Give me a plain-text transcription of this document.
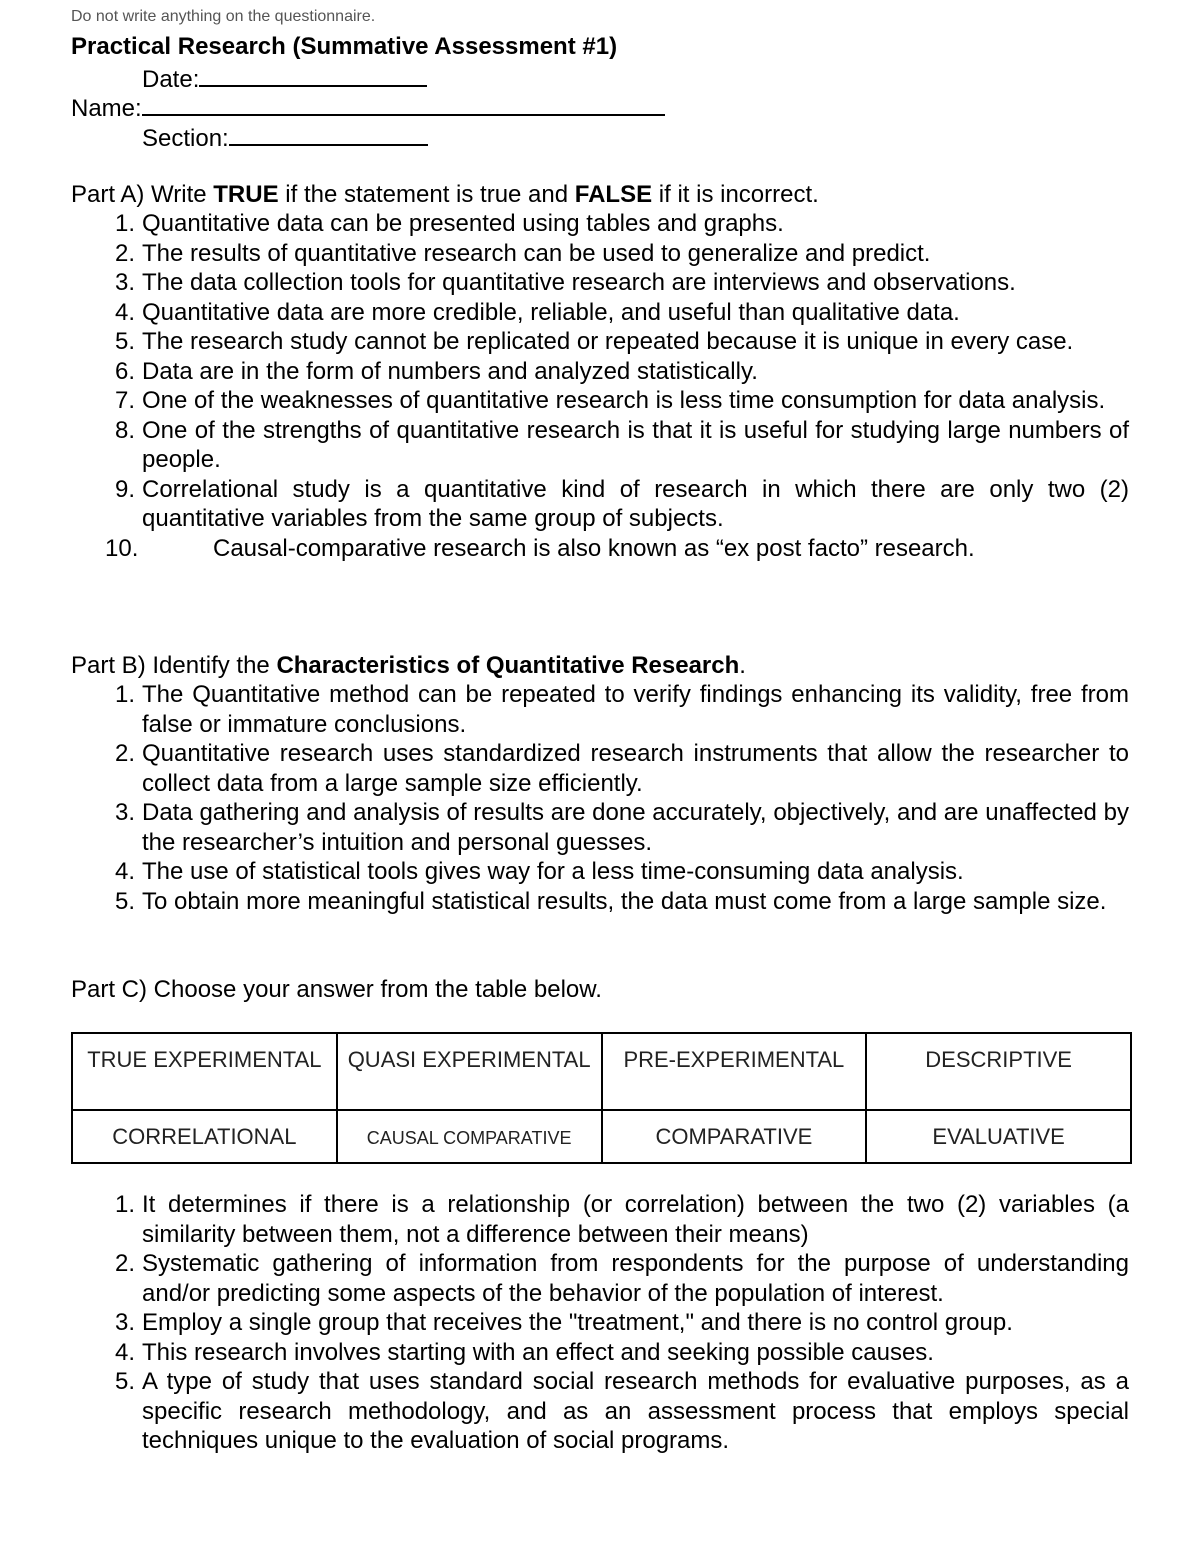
Do not write anything on the questionnaire.
Practical Research (Summative Assessment #1)
Date:
Name:
Section:
Part A) Write TRUE if the statement is true and FALSE if it is incorrect.
1. Quantitative data can be presented using tables and graphs.
2. The results of quantitative research can be used to generalize and predict.
3. The data collection tools for quantitative research are interviews and observations.
4. Quantitative data are more credible, reliable, and useful than qualitative data.
5. The research study cannot be replicated or repeated because it is unique in every case.
6. Data are in the form of numbers and analyzed statistically.
7. One of the weaknesses of quantitative research is less time consumption for data analysis.
8. One of the strengths of quantitative research is that it is useful for studying large numbers of people.
9. Correlational study is a quantitative kind of research in which there are only two (2) quantitative variables from the same group of subjects.
10.	Causal-comparative research is also known as “ex post facto” research.
Part B) Identify the Characteristics of Quantitative Research.
1. The Quantitative method can be repeated to verify findings enhancing its validity, free from false or immature conclusions.
2. Quantitative research uses standardized research instruments that allow the researcher to collect data from a large sample size efficiently.
3. Data gathering and analysis of results are done accurately, objectively, and are unaffected by the researcher’s intuition and personal guesses.
4. The use of statistical tools gives way for a less time-consuming data analysis.
5. To obtain more meaningful statistical results, the data must come from a large sample size.
Part C) Choose your answer from the table below.
TRUE EXPERIMENTAL	QUASI EXPERIMENTAL	PRE-EXPERIMENTAL	DESCRIPTIVE
CORRELATIONAL	CAUSAL COMPARATIVE	COMPARATIVE	EVALUATIVE
1. It determines if there is a relationship (or correlation) between the two (2) variables (a similarity between them, not a difference between their means)
2. Systematic gathering of information from respondents for the purpose of understanding and/or predicting some aspects of the behavior of the population of interest.
3. Employ a single group that receives the "treatment," and there is no control group.
4. This research involves starting with an effect and seeking possible causes.
5. A type of study that uses standard social research methods for evaluative purposes, as a specific research methodology, and as an assessment process that employs special techniques unique to the evaluation of social programs.
